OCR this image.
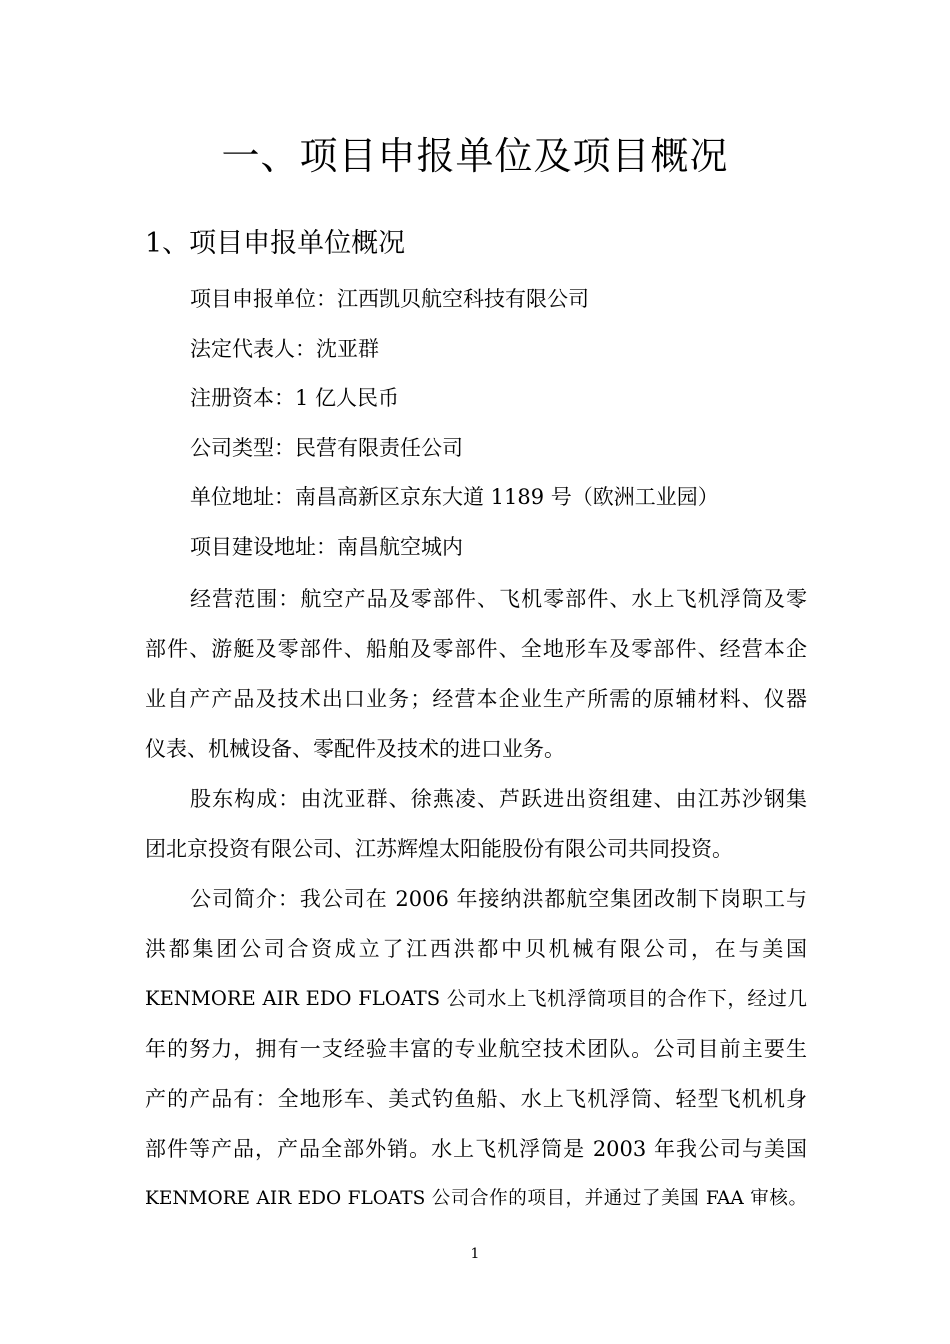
一、项目申报单位及项目概况
1、项目申报单位概况
项目申报单位：江西凯贝航空科技有限公司
法定代表人：沈亚群
注册资本：1 亿人民币
公司类型：民营有限责任公司
单位地址：南昌高新区京东大道 1189 号（欧洲工业园）
项目建设地址：南昌航空城内
经营范围：航空产品及零部件、飞机零部件、水上飞机浮筒及零
部件、游艇及零部件、船舶及零部件、全地形车及零部件、经营本企
业自产产品及技术出口业务；经营本企业生产所需的原辅材料、仪器
仪表、机械设备、零配件及技术的进口业务。
股东构成：由沈亚群、徐燕凌、芦跃进出资组建、由江苏沙钢集
团北京投资有限公司、江苏辉煌太阳能股份有限公司共同投资。
公司简介：我公司在 2006 年接纳洪都航空集团改制下岗职工与
洪都集团公司合资成立了江西洪都中贝机械有限公司，在与美国
KENMORE AIR EDO FLOATS 公司水上飞机浮筒项目的合作下，经过几
年的努力，拥有一支经验丰富的专业航空技术团队。公司目前主要生
产的产品有：全地形车、美式钓鱼船、水上飞机浮筒、轻型飞机机身
部件等产品，产品全部外销。水上飞机浮筒是 2003 年我公司与美国
KENMORE AIR EDO FLOATS 公司合作的项目，并通过了美国 FAA 审核。
1
